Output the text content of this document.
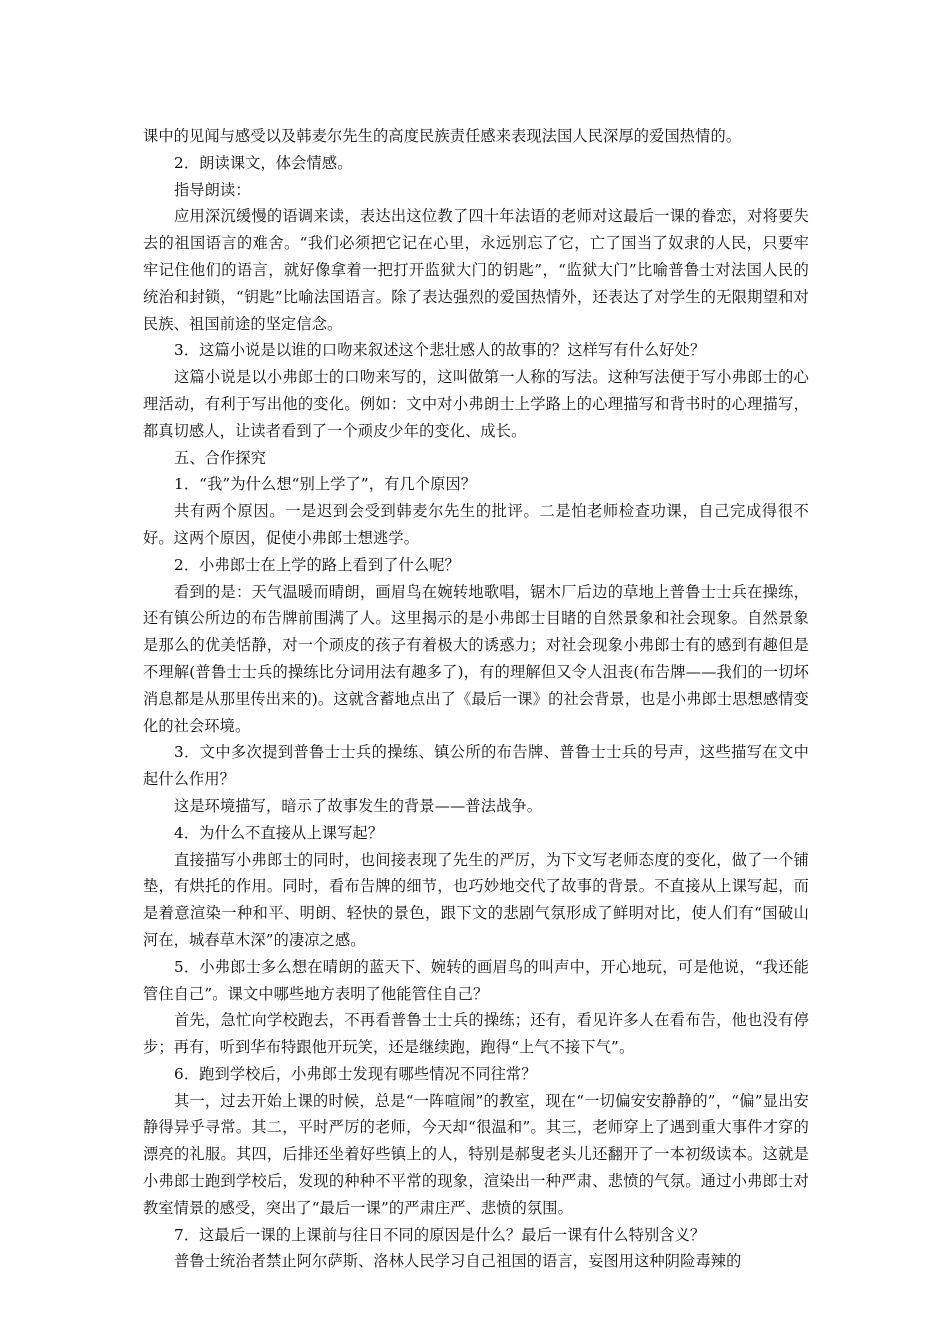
课中的见闻与感受以及韩麦尔先生的高度民族责任感来表现法国人民深厚的爱国热情的。

2．朗读课文，体会情感。

指导朗读：

应用深沉缓慢的语调来读，表达出这位教了四十年法语的老师对这最后一课的眷恋，对将要失去的祖国语言的难舍。“我们必须把它记在心里，永远别忘了它，亡了国当了奴隶的人民，只要牢牢记住他们的语言，就好像拿着一把打开监狱大门的钥匙”，“监狱大门”比喻普鲁士对法国人民的统治和封锁，“钥匙”比喻法国语言。除了表达强烈的爱国热情外，还表达了对学生的无限期望和对民族、祖国前途的坚定信念。

3．这篇小说是以谁的口吻来叙述这个悲壮感人的故事的？这样写有什么好处？

这篇小说是以小弗郎士的口吻来写的，这叫做第一人称的写法。这种写法便于写小弗郎士的心理活动，有利于写出他的变化。例如：文中对小弗朗士上学路上的心理描写和背书时的心理描写，都真切感人，让读者看到了一个顽皮少年的变化、成长。

五、合作探究

1．“我”为什么想“别上学了”，有几个原因？

共有两个原因。一是迟到会受到韩麦尔先生的批评。二是怕老师检查功课，自己完成得很不好。这两个原因，促使小弗郎士想逃学。

2．小弗郎士在上学的路上看到了什么呢？

看到的是：天气温暖而晴朗，画眉鸟在婉转地歌唱，锯木厂后边的草地上普鲁士士兵在操练，还有镇公所边的布告牌前围满了人。这里揭示的是小弗郎士目睹的自然景象和社会现象。自然景象是那么的优美恬静，对一个顽皮的孩子有着极大的诱惑力；对社会现象小弗郎士有的感到有趣但是不理解(普鲁士士兵的操练比分词用法有趣多了)，有的理解但又令人沮丧(布告牌——我们的一切坏消息都是从那里传出来的)。这就含蓄地点出了《最后一课》的社会背景，也是小弗郎士思想感情变化的社会环境。

3．文中多次提到普鲁士士兵的操练、镇公所的布告牌、普鲁士士兵的号声，这些描写在文中起什么作用？

这是环境描写，暗示了故事发生的背景——普法战争。

4．为什么不直接从上课写起？

直接描写小弗郎士的同时，也间接表现了先生的严厉，为下文写老师态度的变化，做了一个铺垫，有烘托的作用。同时，看布告牌的细节，也巧妙地交代了故事的背景。不直接从上课写起，而是着意渲染一种和平、明朗、轻快的景色，跟下文的悲剧气氛形成了鲜明对比，使人们有“国破山河在，城春草木深”的凄凉之感。

5．小弗郎士多么想在晴朗的蓝天下、婉转的画眉鸟的叫声中，开心地玩，可是他说，“我还能管住自己”。课文中哪些地方表明了他能管住自己？

首先，急忙向学校跑去，不再看普鲁士士兵的操练；还有，看见许多人在看布告，他也没有停步；再有，听到华布特跟他开玩笑，还是继续跑，跑得“上气不接下气”。

6．跑到学校后，小弗郎士发现有哪些情况不同往常？

其一，过去开始上课的时候，总是“一阵喧闹”的教室，现在“一切偏安安静静的”，“偏”显出安静得异乎寻常。其二，平时严厉的老师，今天却“很温和”。其三，老师穿上了遇到重大事件才穿的漂亮的礼服。其四，后排还坐着好些镇上的人，特别是郝叟老头儿还翻开了一本初级读本。这就是小弗郎士跑到学校后，发现的种种不平常的现象，渲染出一种严肃、悲愤的气氛。通过小弗郎士对教室情景的感受，突出了“最后一课”的严肃庄严、悲愤的氛围。

7．这最后一课的上课前与往日不同的原因是什么？最后一课有什么特别含义？

普鲁士统治者禁止阿尔萨斯、洛林人民学习自己祖国的语言，妄图用这种阴险毒辣的
